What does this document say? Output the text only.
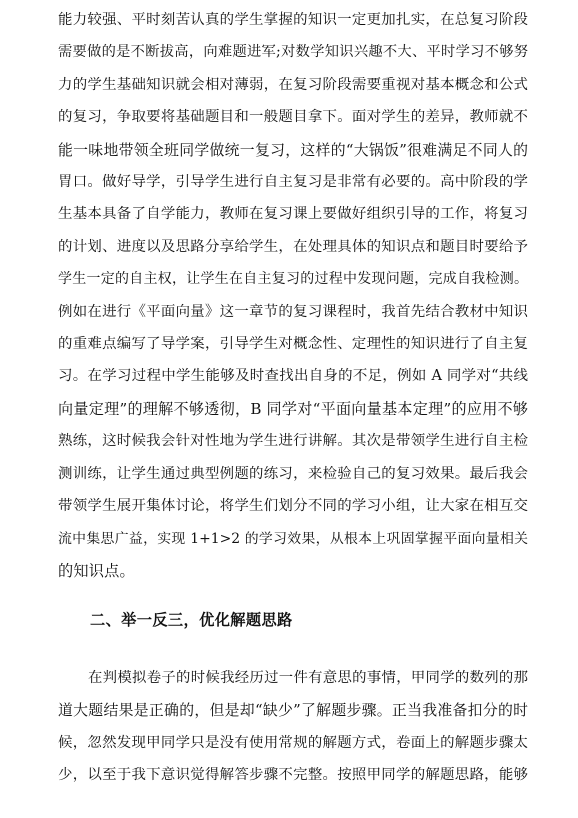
能力较强、平时刻苦认真的学生掌握的知识一定更加扎实，在总复习阶段
需要做的是不断拔高，向难题进军;对数学知识兴趣不大、平时学习不够努
力的学生基础知识就会相对薄弱，在复习阶段需要重视对基本概念和公式
的复习，争取要将基础题目和一般题目拿下。面对学生的差异，教师就不
能一味地带领全班同学做统一复习，这样的“大锅饭”很难满足不同人的
胃口。做好导学，引导学生进行自主复习是非常有必要的。高中阶段的学
生基本具备了自学能力，教师在复习课上要做好组织引导的工作，将复习
的计划、进度以及思路分享给学生，在处理具体的知识点和题目时要给予
学生一定的自主权，让学生在自主复习的过程中发现问题，完成自我检测。
例如在进行《平面向量》这一章节的复习课程时，我首先结合教材中知识
的重难点编写了导学案，引导学生对概念性、定理性的知识进行了自主复
习。在学习过程中学生能够及时查找出自身的不足，例如 A 同学对“共线
向量定理”的理解不够透彻，B 同学对“平面向量基本定理”的应用不够
熟练，这时候我会针对性地为学生进行讲解。其次是带领学生进行自主检
测训练，让学生通过典型例题的练习，来检验自己的复习效果。最后我会
带领学生展开集体讨论，将学生们划分不同的学习小组，让大家在相互交
流中集思广益，实现 1+1>2 的学习效果，从根本上巩固掌握平面向量相关
的知识点。
二、举一反三，优化解题思路
在判模拟卷子的时候我经历过一件有意思的事情，甲同学的数列的那
道大题结果是正确的，但是却“缺少”了解题步骤。正当我准备扣分的时
候，忽然发现甲同学只是没有使用常规的解题方式，卷面上的解题步骤太
少，以至于我下意识觉得解答步骤不完整。按照甲同学的解题思路，能够
